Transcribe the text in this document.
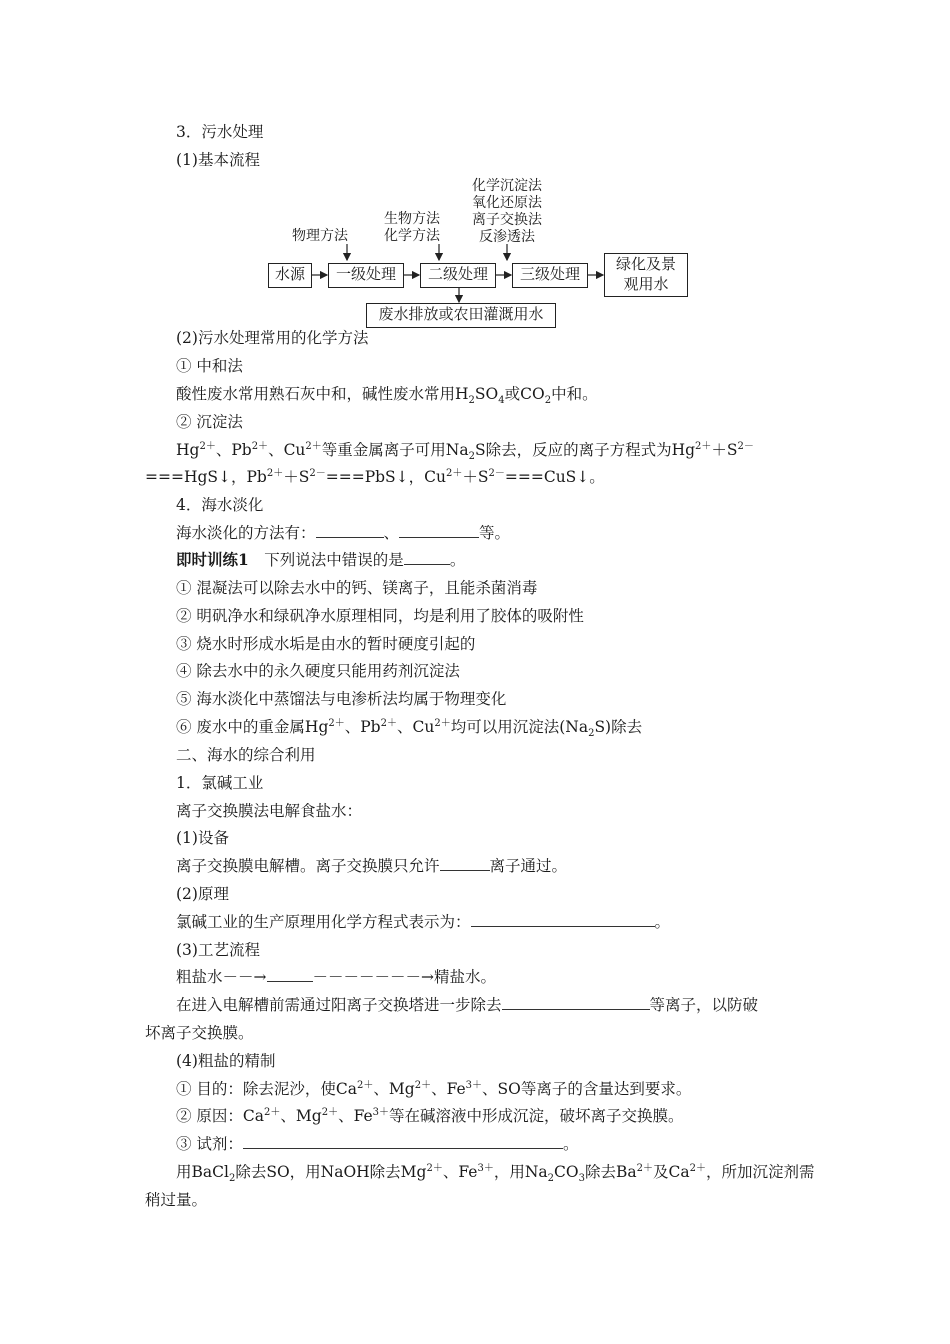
3．污水处理
(1)基本流程
物理方法
生物方法
化学方法
化学沉淀法
氧化还原法
离子交换法
反渗透法
水源	一级处理	二级处理	三级处理
绿化及景
观用水
废水排放或农田灌溉用水
(2)污水处理常用的化学方法
① 中和法
酸性废水常用熟石灰中和，碱性废水常用$H_2SO_4$或$CO_2$中和。
② 沉淀法
$Hg^{2+}$、$Pb^{2+}$、$Cu^{2+}$等重金属离子可用$Na_2S$除去，反应的离子方程式为$Hg^{2+}+S^{2-}$
===HgS↓，$Pb^{2+}+S^{2-}===PbS↓$，$Cu^{2+}+S^{2-}===CuS↓$。
4．海水淡化
海水淡化的方法有：	、	等。
即时训练1　下列说法中错误的是	。
① 混凝法可以除去水中的钙、镁离子，且能杀菌消毒
② 明矾净水和绿矾净水原理相同，均是利用了胶体的吸附性
③ 烧水时形成水垢是由水的暂时硬度引起的
④ 除去水中的永久硬度只能用药剂沉淀法
⑤ 海水淡化中蒸馏法与电渗析法均属于物理变化
⑥ 废水中的重金属$Hg^{2+}$、$Pb^{2+}$、$Cu^{2+}$均可以用沉淀法$(Na_2S)$除去
二、海水的综合利用
1．氯碱工业
离子交换膜法电解食盐水：
(1)设备
离子交换膜电解槽。离子交换膜只允许	离子通过。
(2)原理
氯碱工业的生产原理用化学方程式表示为：	。
(3)工艺流程
粗盐水－－→	－－－－－－－→精盐水。
在进入电解槽前需通过阳离子交换塔进一步除去	等离子，以防破
坏离子交换膜。
(4)粗盐的精制
① 目的：除去泥沙，使$Ca^{2+}$、$Mg^{2+}$、$Fe^{3+}$、SO等离子的含量达到要求。
② 原因：$Ca^{2+}$、$Mg^{2+}$、$Fe^{3+}$等在碱溶液中形成沉淀，破坏离子交换膜。
③ 试剂：	。
用BaCl$_2$除去SO，用NaOH除去$Mg^{2+}$、$Fe^{3+}$，用$Na_2CO_3$除去$Ba^{2+}$及$Ca^{2+}$，所加沉淀剂需
稍过量。
